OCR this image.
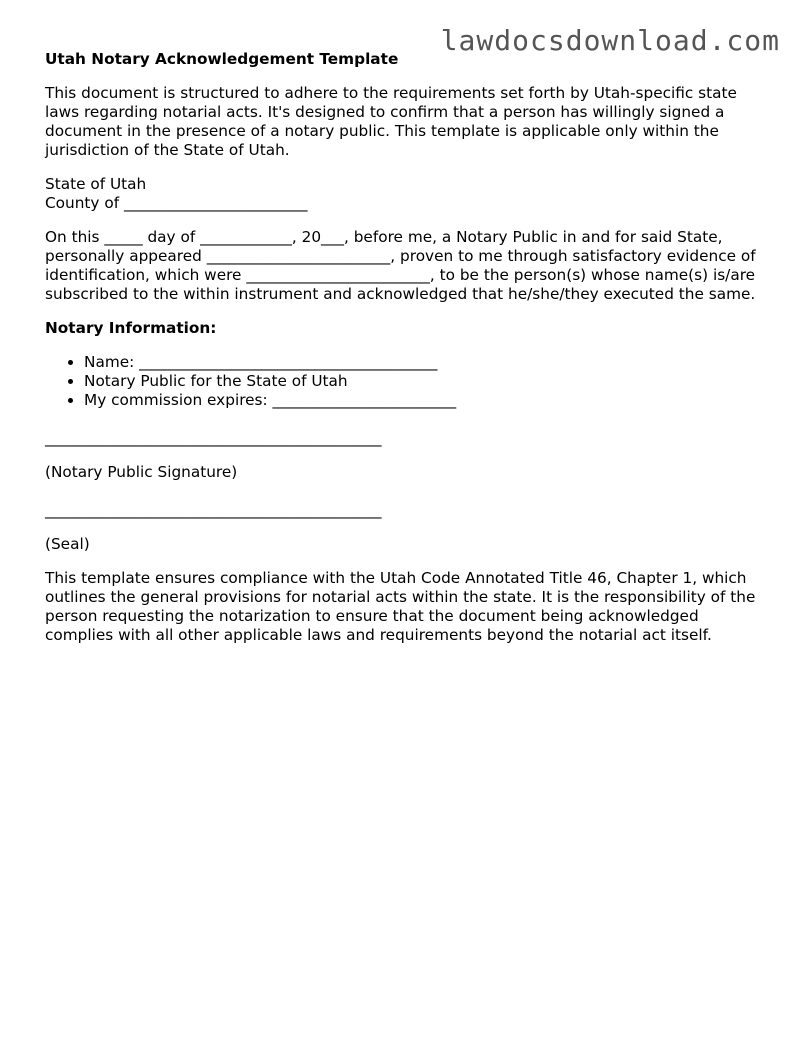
lawdocsdownload.com
Utah Notary Acknowledgement Template

This document is structured to adhere to the requirements set forth by Utah-specific state laws regarding notarial acts. It's designed to confirm that a person has willingly signed a document in the presence of a notary public. This template is applicable only within the jurisdiction of the State of Utah.

State of Utah
County of ________________________

On this _____ day of ____________, 20___, before me, a Notary Public in and for said State, personally appeared ________________________, proven to me through satisfactory evidence of identification, which were ________________________, to be the person(s) whose name(s) is/are subscribed to the within instrument and acknowledged that he/she/they executed the same.

Notary Information:
• Name: _______________________________________
• Notary Public for the State of Utah
• My commission expires: ________________________
____________________________________________

(Notary Public Signature)

____________________________________________

(Seal)

This template ensures compliance with the Utah Code Annotated Title 46, Chapter 1, which outlines the general provisions for notarial acts within the state. It is the responsibility of the person requesting the notarization to ensure that the document being acknowledged complies with all other applicable laws and requirements beyond the notarial act itself.
